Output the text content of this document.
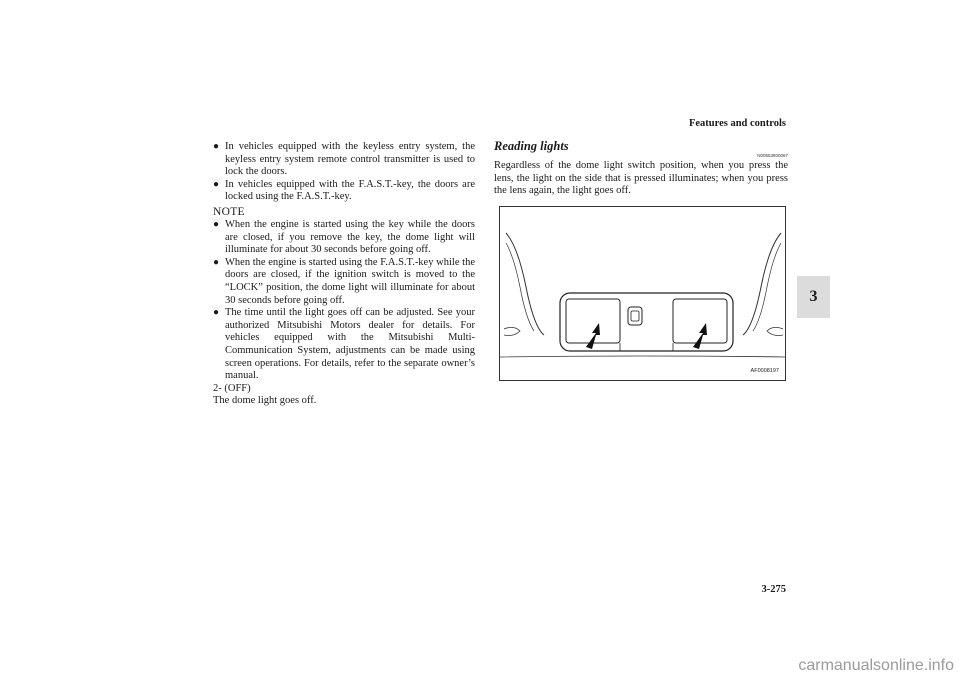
Features and controls
3
● In vehicles equipped with the keyless entry system, the keyless entry system remote control transmitter is used to lock the doors.
● In vehicles equipped with the F.A.S.T.-key, the doors are locked using the F.A.S.T.-key.
NOTE
● When the engine is started using the key while the doors are closed, if you remove the key, the dome light will illuminate for about 30 seconds before going off.
● When the engine is started using the F.A.S.T.-key while the doors are closed, if the ignition switch is moved to the “LOCK” position, the dome light will illuminate for about 30 seconds before going off.
● The time until the light goes off can be adjusted. See your authorized Mitsubishi Motors dealer for details. For vehicles equipped with the Mitsubishi Multi-Communication System, adjustments can be made using screen operations. For details, refer to the separate owner’s manual.
2- (OFF)
The dome light goes off.
Reading lights
N00553800067
Regardless of the dome light switch position, when you press the lens, the light on the side that is pressed illuminates; when you press the lens again, the light goes off.
AF0008197
3-275
carmanualsonline.info
